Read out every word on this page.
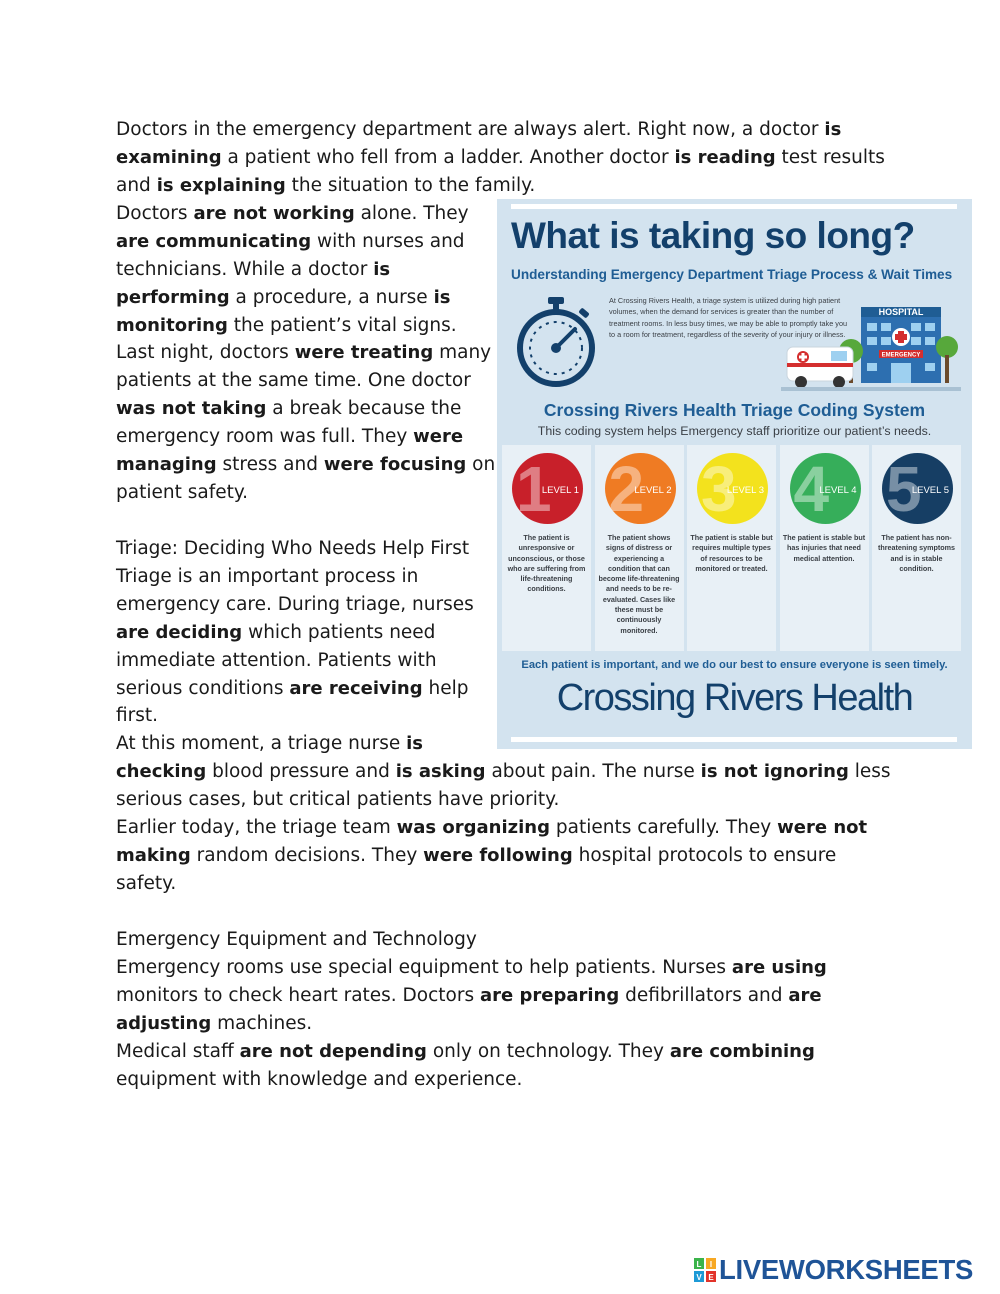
Doctors in the emergency department are always alert. Right now, a doctor is

examining a patient who fell from a ladder. Another doctor is reading test results

and is explaining the situation to the family.

Doctors are not working alone. They

are communicating with nurses and

technicians. While a doctor is

performing a procedure, a nurse is

monitoring the patient’s vital signs.

Last night, doctors were treating many

patients at the same time. One doctor

was not taking a break because the

emergency room was full. They were

managing stress and were focusing on

patient safety.

Triage: Deciding Who Needs Help First

Triage is an important process in

emergency care. During triage, nurses

are deciding which patients need

immediate attention. Patients with

serious conditions are receiving help

first.

At this moment, a triage nurse is

checking blood pressure and is asking about pain. The nurse is not ignoring less

serious cases, but critical patients have priority.

Earlier today, the triage team was organizing patients carefully. They were not

making random decisions. They were following hospital protocols to ensure

safety.

Emergency Equipment and Technology

Emergency rooms use special equipment to help patients. Nurses are using

monitors to check heart rates. Doctors are preparing defibrillators and are

adjusting machines.

Medical staff are not depending only on technology. They are combining

equipment with knowledge and experience.

What is taking so long?
Understanding Emergency Department Triage Process & Wait Times
At Crossing Rivers Health, a triage system is utilized during high patient volumes, when the demand for services is greater than the number of treatment rooms. In less busy times, we may be able to promptly take you to a room for treatment, regardless of the severity of your injury or illness.
HOSPITAL
EMERGENCY
Crossing Rivers Health Triage Coding System
This coding system helps Emergency staff prioritize our patient’s needs.
Each patient is important, and we do our best to ensure everyone is seen timely.
Crossing Rivers Health
1
LEVEL 1
The patient is unresponsive or unconscious, or those who are suffering from life-threatening conditions.
2
LEVEL 2
The patient shows signs of distress or experiencing a condition that can become life-threatening and needs to be re-evaluated. Cases like these must be continuously monitored.
3
LEVEL 3
The patient is stable but requires multiple types of resources to be monitored or treated.
4
LEVEL 4
The patient is stable but has injuries that need medical attention.
5
LEVEL 5
The patient has non-threatening symptoms and is in stable condition.
L I
V E LIVEWORKSHEETS
